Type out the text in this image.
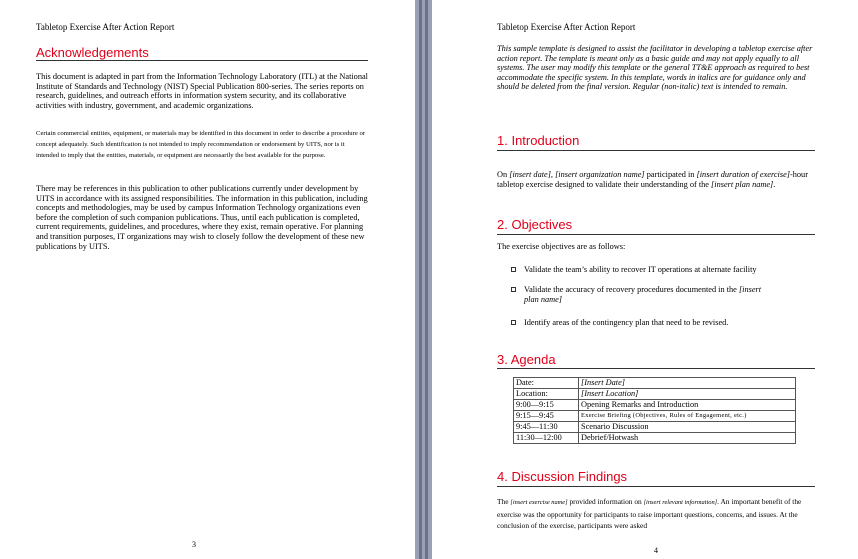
Tabletop Exercise After Action Report
Acknowledgements

This document is adapted in part from the Information Technology Laboratory (ITL) at the National Institute of Standards and Technology (NIST) Special Publication 800-series. The series reports on research, guidelines, and outreach efforts in information system security, and its collaborative activities with industry, government, and academic organizations.

Certain commercial entities, equipment, or materials may be identified in this document in order to describe a procedure or concept adequately. Such identification is not intended to imply recommendation or endorsement by UITS, nor is it intended to imply that the entities, materials, or equipment are necessarily the best available for the purpose.

There may be references in this publication to other publications currently under development by UITS in accordance with its assigned responsibilities. The information in this publication, including concepts and methodologies, may be used by campus Information Technology organizations even before the completion of such companion publications. Thus, until each publication is completed, current requirements, guidelines, and procedures, where they exist, remain operative. For planning and transition purposes, IT organizations may wish to closely follow the development of these new publications by UITS.

3
Tabletop Exercise After Action Report

This sample template is designed to assist the facilitator in developing a tabletop exercise after action report. The template is meant only as a basic guide and may not apply equally to all systems. The user may modify this template or the general TT&E approach as required to best accommodate the specific system. In this template, words in italics are for guidance only and should be deleted from the final version. Regular (non-italic) text is intended to remain.

1. Introduction

On [insert date], [insert organization name] participated in [insert duration of exercise]-hour tabletop exercise designed to validate their understanding of the [insert plan name].

2. Objectives

The exercise objectives are as follows:

Validate the team’s ability to recover IT operations at alternate facility
Validate the accuracy of recovery procedures documented in the [insert plan name]
Identify areas of the contingency plan that need to be revised.
3. Agenda
Date:	[Insert Date]
Location:	[Insert Location]
9:00—9:15	Opening Remarks and Introduction
9:15—9:45	Exercise Briefing (Objectives, Rules of Engagement, etc.)
9:45—11:30	Scenario Discussion
11:30—12:00	Debrief/Hotwash
4. Discussion Findings

The [insert exercise name] provided information on [insert relevant information]. An important benefit of the exercise was the opportunity for participants to raise important questions, concerns, and issues. At the conclusion of the exercise, participants were asked

4
